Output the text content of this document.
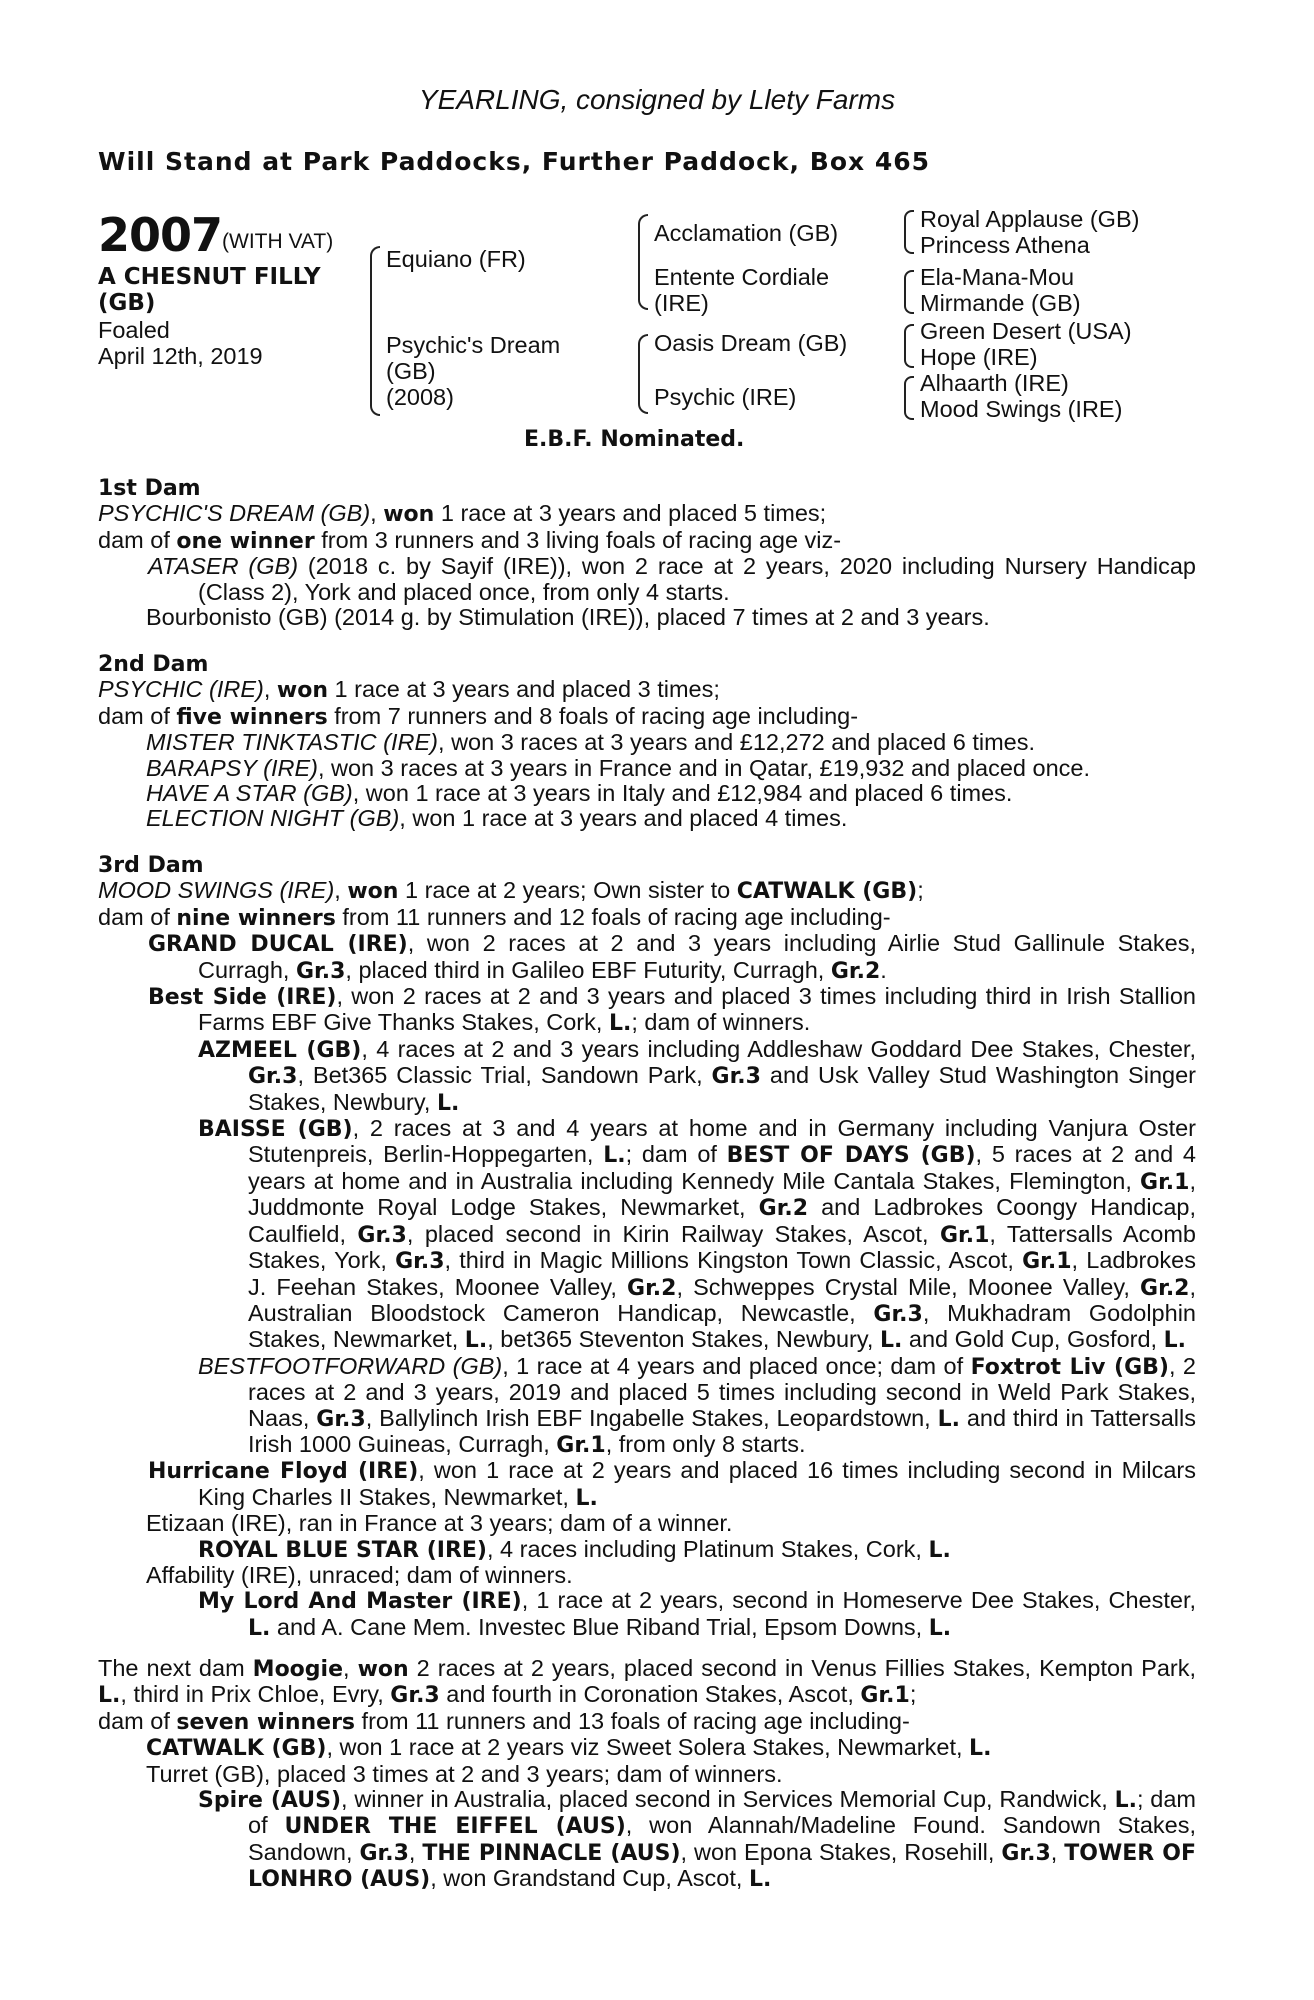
YEARLING, consigned by Llety Farms
Will Stand at Park Paddocks, Further Paddock, Box 465
2007 (WITH VAT)
A CHESNUT FILLY
(GB)
Foaled
April 12th, 2019
Equiano (FR)
Psychic's Dream
(GB)
(2008)
Acclamation (GB)
Entente Cordiale
(IRE)
Oasis Dream (GB)
Psychic (IRE)
Royal Applause (GB)
Princess Athena
Ela-Mana-Mou
Mirmande (GB)
Green Desert (USA)
Hope (IRE)
Alhaarth (IRE)
Mood Swings (IRE)
E.B.F. Nominated.

1st Dam

PSYCHIC'S DREAM (GB), won 1 race at 3 years and placed 5 times;

dam of one winner from 3 runners and 3 living foals of racing age viz-

ATASER (GB) (2018 c. by Sayif (IRE)), won 2 race at 2 years, 2020 including Nursery Handicap (Class 2), York and placed once, from only 4 starts.

Bourbonisto (GB) (2014 g. by Stimulation (IRE)), placed 7 times at 2 and 3 years.

2nd Dam

PSYCHIC (IRE), won 1 race at 3 years and placed 3 times;

dam of five winners from 7 runners and 8 foals of racing age including-

MISTER TINKTASTIC (IRE), won 3 races at 3 years and £12,272 and placed 6 times.

BARAPSY (IRE), won 3 races at 3 years in France and in Qatar, £19,932 and placed once.

HAVE A STAR (GB), won 1 race at 3 years in Italy and £12,984 and placed 6 times.

ELECTION NIGHT (GB), won 1 race at 3 years and placed 4 times.

3rd Dam

MOOD SWINGS (IRE), won 1 race at 2 years; Own sister to CATWALK (GB);

dam of nine winners from 11 runners and 12 foals of racing age including-

GRAND DUCAL (IRE), won 2 races at 2 and 3 years including Airlie Stud Gallinule Stakes, Curragh, Gr.3, placed third in Galileo EBF Futurity, Curragh, Gr.2.

Best Side (IRE), won 2 races at 2 and 3 years and placed 3 times including third in Irish Stallion Farms EBF Give Thanks Stakes, Cork, L.; dam of winners.

AZMEEL (GB), 4 races at 2 and 3 years including Addleshaw Goddard Dee Stakes, Chester, Gr.3, Bet365 Classic Trial, Sandown Park, Gr.3 and Usk Valley Stud Washington Singer Stakes, Newbury, L.

BAISSE (GB), 2 races at 3 and 4 years at home and in Germany including Vanjura Oster Stutenpreis, Berlin-Hoppegarten, L.; dam of BEST OF DAYS (GB), 5 races at 2 and 4 years at home and in Australia including Kennedy Mile Cantala Stakes, Flemington, Gr.1, Juddmonte Royal Lodge Stakes, Newmarket, Gr.2 and Ladbrokes Coongy Handicap, Caulfield, Gr.3, placed second in Kirin Railway Stakes, Ascot, Gr.1, Tattersalls Acomb Stakes, York, Gr.3, third in Magic Millions Kingston Town Classic, Ascot, Gr.1, Ladbrokes J. Feehan Stakes, Moonee Valley, Gr.2, Schweppes Crystal Mile, Moonee Valley, Gr.2, Australian Bloodstock Cameron Handicap, Newcastle, Gr.3, Mukhadram Godolphin Stakes, Newmarket, L., bet365 Steventon Stakes, Newbury, L. and Gold Cup, Gosford, L.

BESTFOOTFORWARD (GB), 1 race at 4 years and placed once; dam of Foxtrot Liv (GB), 2 races at 2 and 3 years, 2019 and placed 5 times including second in Weld Park Stakes, Naas, Gr.3, Ballylinch Irish EBF Ingabelle Stakes, Leopardstown, L. and third in Tattersalls Irish 1000 Guineas, Curragh, Gr.1, from only 8 starts.

Hurricane Floyd (IRE), won 1 race at 2 years and placed 16 times including second in Milcars King Charles II Stakes, Newmarket, L.

Etizaan (IRE), ran in France at 3 years; dam of a winner.

ROYAL BLUE STAR (IRE), 4 races including Platinum Stakes, Cork, L.

Affability (IRE), unraced; dam of winners.

My Lord And Master (IRE), 1 race at 2 years, second in Homeserve Dee Stakes, Chester, L. and A. Cane Mem. Investec Blue Riband Trial, Epsom Downs, L.

The next dam Moogie, won 2 races at 2 years, placed second in Venus Fillies Stakes, Kempton Park, L., third in Prix Chloe, Evry, Gr.3 and fourth in Coronation Stakes, Ascot, Gr.1;

dam of seven winners from 11 runners and 13 foals of racing age including-

CATWALK (GB), won 1 race at 2 years viz Sweet Solera Stakes, Newmarket, L.

Turret (GB), placed 3 times at 2 and 3 years; dam of winners.

Spire (AUS), winner in Australia, placed second in Services Memorial Cup, Randwick, L.; dam of UNDER THE EIFFEL (AUS), won Alannah/Madeline Found. Sandown Stakes, Sandown, Gr.3, THE PINNACLE (AUS), won Epona Stakes, Rosehill, Gr.3, TOWER OF LONHRO (AUS), won Grandstand Cup, Ascot, L.
